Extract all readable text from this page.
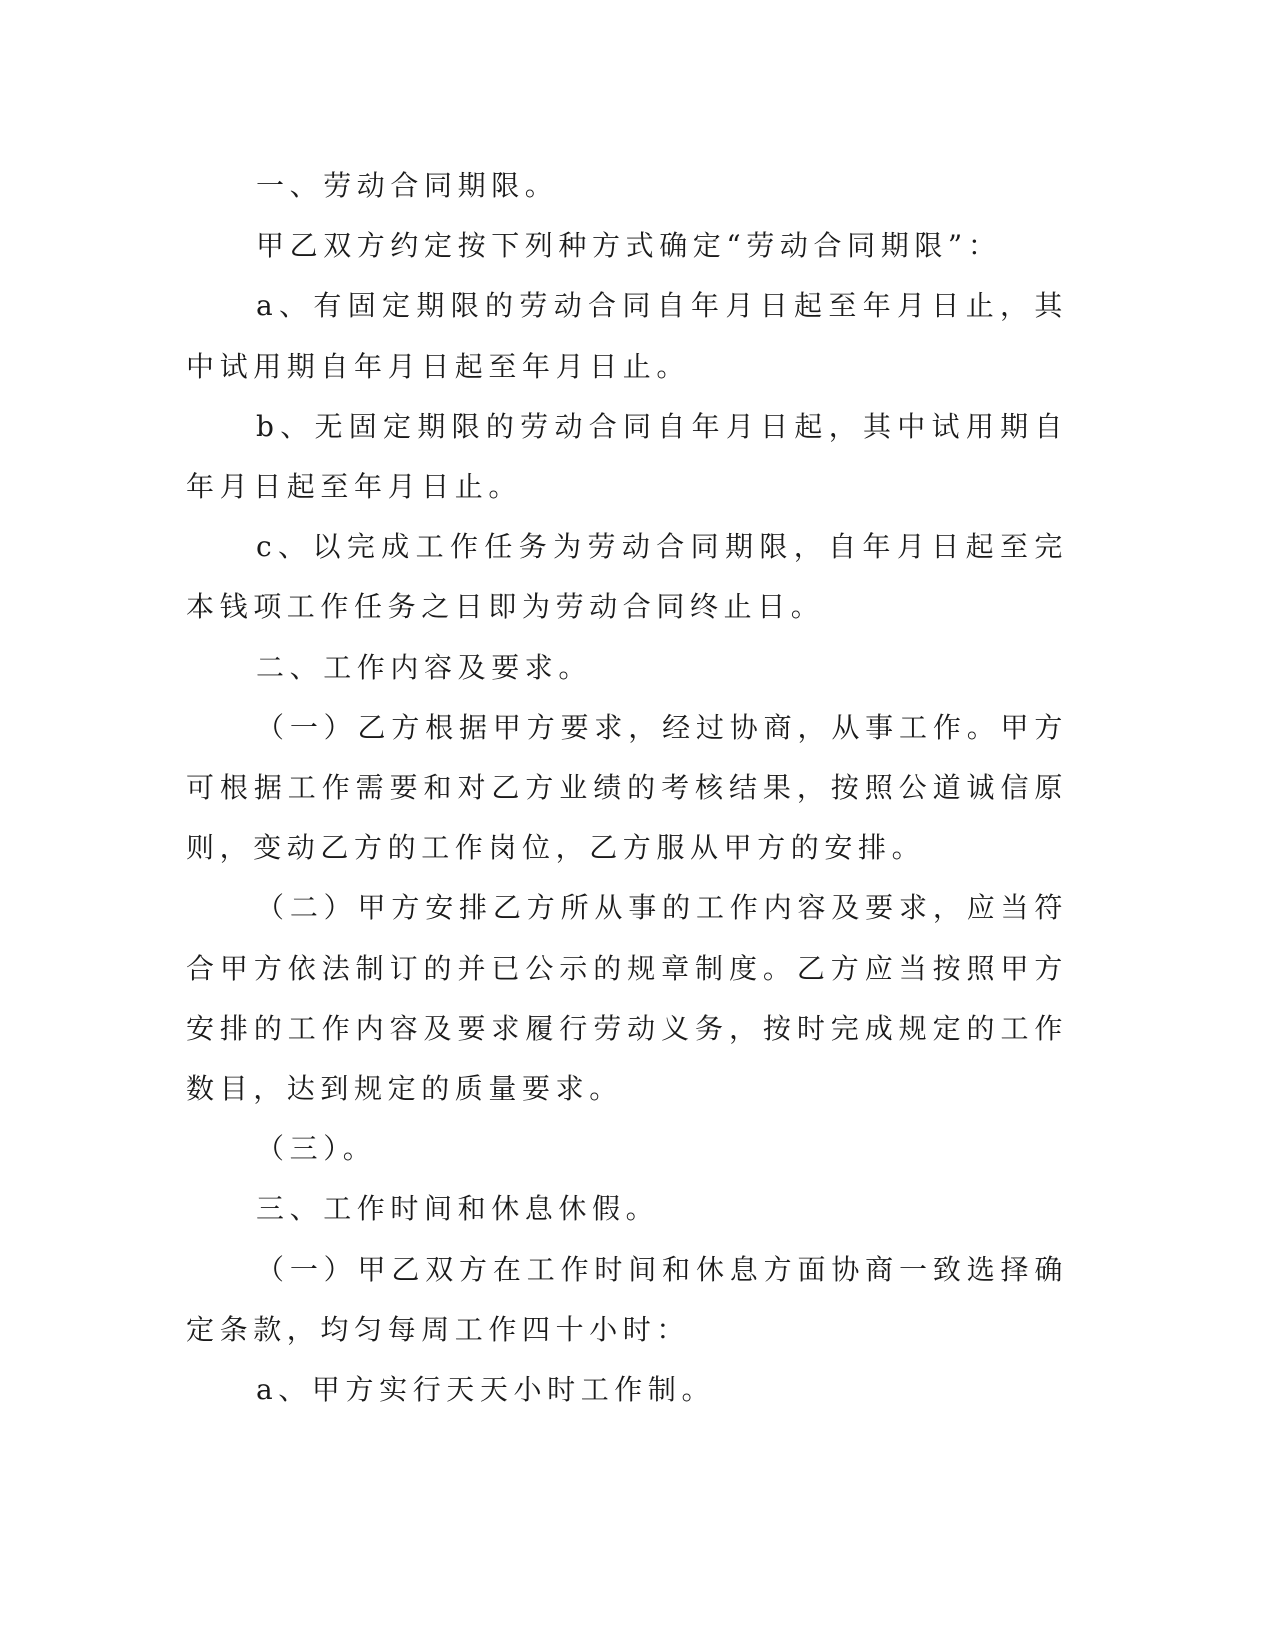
一、劳动合同期限。

甲乙双方约定按下列种方式确定“劳动合同期限”：

a、有固定期限的劳动合同自年月日起至年月日止，其中试用期自年月日起至年月日止。

b、无固定期限的劳动合同自年月日起，其中试用期自年月日起至年月日止。

c、以完成工作任务为劳动合同期限，自年月日起至完本钱项工作任务之日即为劳动合同终止日。

二、工作内容及要求。

（一）乙方根据甲方要求，经过协商，从事工作。甲方可根据工作需要和对乙方业绩的考核结果，按照公道诚信原则，变动乙方的工作岗位，乙方服从甲方的安排。

（二）甲方安排乙方所从事的工作内容及要求，应当符合甲方依法制订的并已公示的规章制度。乙方应当按照甲方安排的工作内容及要求履行劳动义务，按时完成规定的工作数目，达到规定的质量要求。

（三）。

三、工作时间和休息休假。

（一）甲乙双方在工作时间和休息方面协商一致选择确定条款，均匀每周工作四十小时：

a、甲方实行天天小时工作制。
